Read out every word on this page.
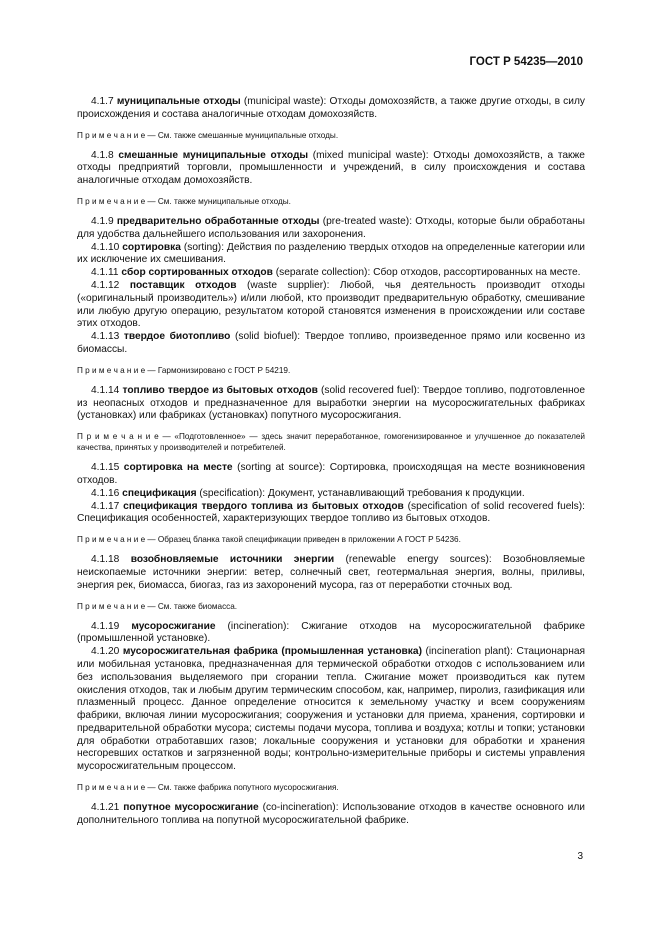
ГОСТ Р 54235—2010

4.1.7 муниципальные отходы (municipal waste): Отходы домохозяйств, а также другие отходы, в силу происхождения и состава аналогичные отходам домохозяйств.

П р и м е ч а н и е — См. также смешанные муниципальные отходы.

4.1.8 смешанные муниципальные отходы (mixed municipal waste): Отходы домохозяйств, а также отходы предприятий торговли, промышленности и учреждений, в силу происхождения и состава аналогичные отходам домохозяйств.

П р и м е ч а н и е — См. также муниципальные отходы.

4.1.9 предварительно обработанные отходы (pre-treated waste): Отходы, которые были обработаны для удобства дальнейшего использования или захоронения.

4.1.10 сортировка (sorting): Действия по разделению твердых отходов на определенные категории или их исключение их смешивания.

4.1.11 сбор сортированных отходов (separate collection): Сбор отходов, рассортированных на месте.

4.1.12 поставщик отходов (waste supplier): Любой, чья деятельность производит отходы («оригинальный производитель») и/или любой, кто производит предварительную обработку, смешивание или любую другую операцию, результатом которой становятся изменения в происхождении или составе этих отходов.

4.1.13 твердое биотопливо (solid biofuel): Твердое топливо, произведенное прямо или косвенно из биомассы.

П р и м е ч а н и е — Гармонизировано с ГОСТ Р 54219.

4.1.14 топливо твердое из бытовых отходов (solid recovered fuel): Твердое топливо, подготовленное из неопасных отходов и предназначенное для выработки энергии на мусоросжигательных фабриках (установках) или фабриках (установках) попутного мусоросжигания.

П р и м е ч а н и е — «Подготовленное» — здесь значит переработанное, гомогенизированное и улучшенное до показателей качества, принятых у производителей и потребителей.

4.1.15 сортировка на месте (sorting at source): Сортировка, происходящая на месте возникновения отходов.

4.1.16 спецификация (specification): Документ, устанавливающий требования к продукции.

4.1.17 спецификация твердого топлива из бытовых отходов (specification of solid recovered fuels): Спецификация особенностей, характеризующих твердое топливо из бытовых отходов.

П р и м е ч а н и е — Образец бланка такой спецификации приведен в приложении А ГОСТ Р 54236.

4.1.18 возобновляемые источники энергии (renewable energy sources): Возобновляемые неископаемые источники энергии: ветер, солнечный свет, геотермальная энергия, волны, приливы, энергия рек, биомасса, биогаз, газ из захоронений мусора, газ от переработки сточных вод.

П р и м е ч а н и е — См. также биомасса.

4.1.19 мусоросжигание (incineration): Сжигание отходов на мусоросжигательной фабрике (промышленной установке).

4.1.20 мусоросжигательная фабрика (промышленная установка) (incineration plant): Стационарная или мобильная установка, предназначенная для термической обработки отходов с использованием или без использования выделяемого при сгорании тепла. Сжигание может производиться как путем окисления отходов, так и любым другим термическим способом, как, например, пиролиз, газификация или плазменный процесс. Данное определение относится к земельному участку и всем сооружениям фабрики, включая линии мусоросжигания; сооружения и установки для приема, хранения, сортировки и предварительной обработки мусора; системы подачи мусора, топлива и воздуха; котлы и топки; установки для обработки отработавших газов; локальные сооружения и установки для обработки и хранения несгоревших остатков и загрязненной воды; контрольно-измерительные приборы и системы управления мусоросжигательным процессом.

П р и м е ч а н и е — См. также фабрика попутного мусоросжигания.

4.1.21 попутное мусоросжигание (co-incineration): Использование отходов в качестве основного или дополнительного топлива на попутной мусоросжигательной фабрике.

3
